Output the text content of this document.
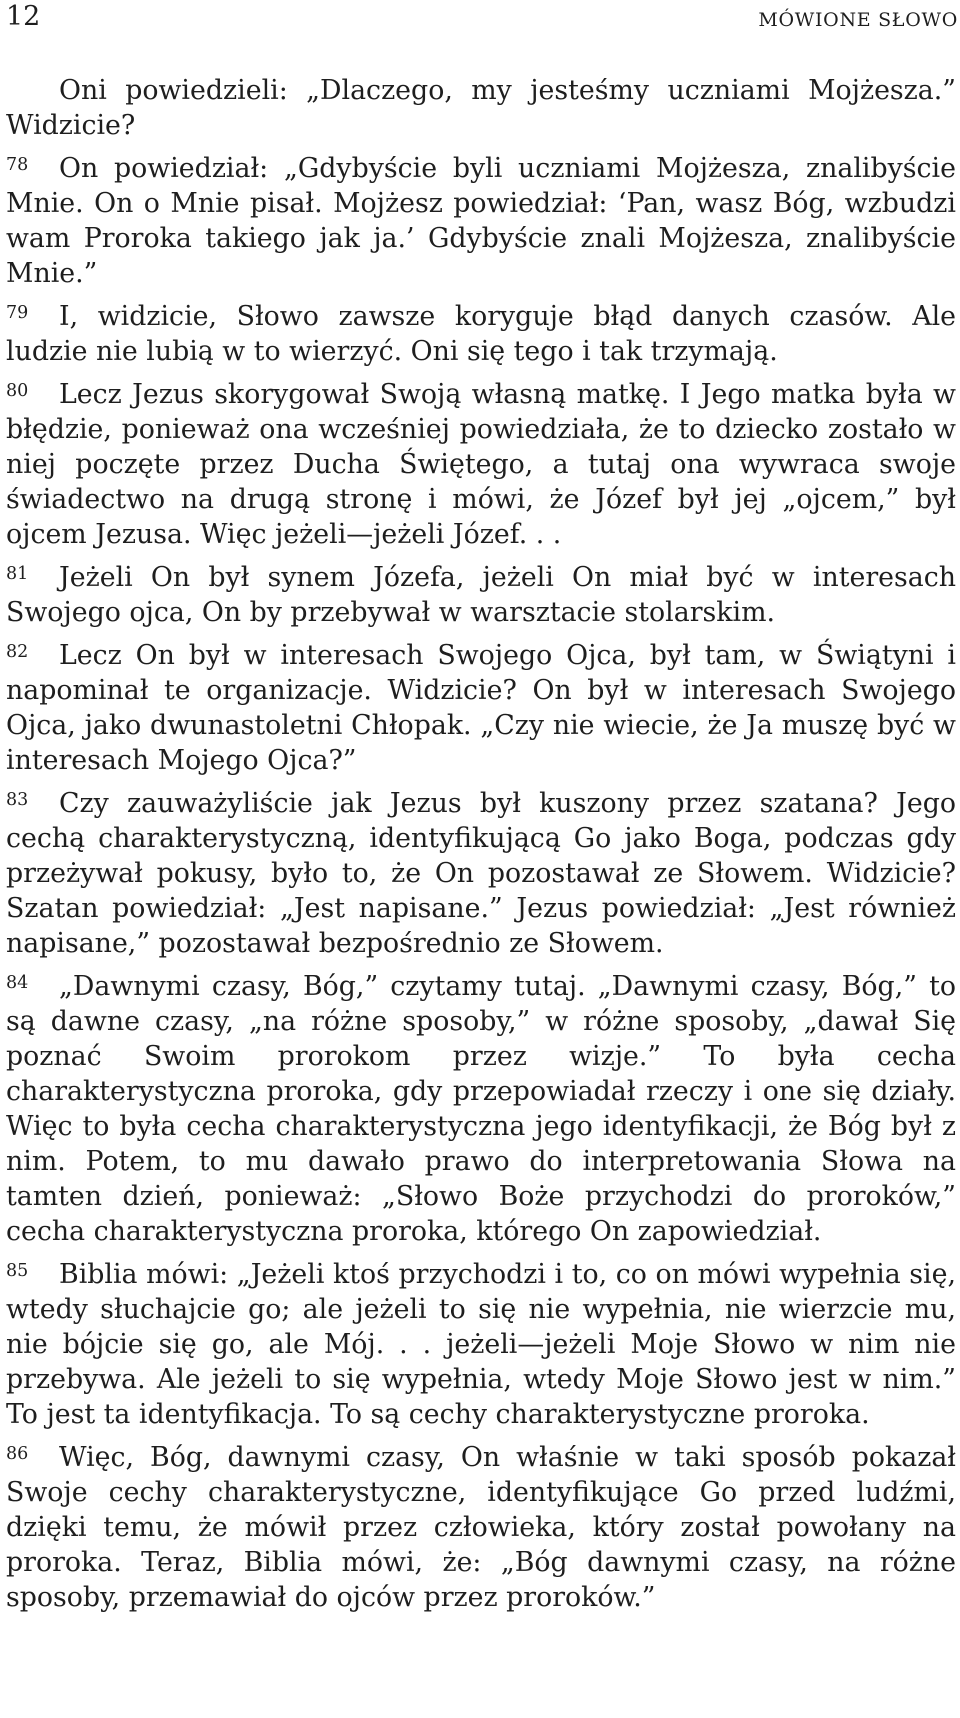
12	MÓWIONE SŁOWO

Oni powiedzieli: „Dlaczego, my jesteśmy uczniami Mojżesza.” Widzicie?

78 On powiedział: „Gdybyście byli uczniami Mojżesza, znalibyście Mnie. On o Mnie pisał. Mojżesz powiedział: ‘Pan, wasz Bóg, wzbudzi wam Proroka takiego jak ja.’ Gdybyście znali Mojżesza, znalibyście Mnie.”

79 I, widzicie, Słowo zawsze koryguje błąd danych czasów. Ale ludzie nie lubią w to wierzyć. Oni się tego i tak trzymają.

80 Lecz Jezus skorygował Swoją własną matkę. I Jego matka była w błędzie, ponieważ ona wcześniej powiedziała, że to dziecko zostało w niej poczęte przez Ducha Świętego, a tutaj ona wywraca swoje świadectwo na drugą stronę i mówi, że Józef był jej „ojcem,” był ojcem Jezusa. Więc jeżeli—jeżeli Józef. . .

81 Jeżeli On był synem Józefa, jeżeli On miał być w interesach Swojego ojca, On by przebywał w warsztacie stolarskim.

82 Lecz On był w interesach Swojego Ojca, był tam, w Świątyni i napominał te organizacje. Widzicie? On był w interesach Swojego Ojca, jako dwunastoletni Chłopak. „Czy nie wiecie, że Ja muszę być w interesach Mojego Ojca?”

83 Czy zauważyliście jak Jezus był kuszony przez szatana? Jego cechą charakterystyczną, identyfikującą Go jako Boga, podczas gdy przeżywał pokusy, było to, że On pozostawał ze Słowem. Widzicie? Szatan powiedział: „Jest napisane.” Jezus powiedział: „Jest również napisane,” pozostawał bezpośrednio ze Słowem.

84 „Dawnymi czasy, Bóg,” czytamy tutaj. „Dawnymi czasy, Bóg,” to są dawne czasy, „na różne sposoby,” w różne sposoby, „dawał Się poznać Swoim prorokom przez wizje.” To była cecha charakterystyczna proroka, gdy przepowiadał rzeczy i one się działy. Więc to była cecha charakterystyczna jego identyfikacji, że Bóg był z nim. Potem, to mu dawało prawo do interpretowania Słowa na tamten dzień, ponieważ: „Słowo Boże przychodzi do proroków,” cecha charakterystyczna proroka, którego On zapowiedział.

85 Biblia mówi: „Jeżeli ktoś przychodzi i to, co on mówi wypełnia się, wtedy słuchajcie go; ale jeżeli to się nie wypełnia, nie wierzcie mu, nie bójcie się go, ale Mój. . . jeżeli—jeżeli Moje Słowo w nim nie przebywa. Ale jeżeli to się wypełnia, wtedy Moje Słowo jest w nim.” To jest ta identyfikacja. To są cechy charakterystyczne proroka.

86 Więc, Bóg, dawnymi czasy, On właśnie w taki sposób pokazał Swoje cechy charakterystyczne, identyfikujące Go przed ludźmi, dzięki temu, że mówił przez człowieka, który został powołany na proroka. Teraz, Biblia mówi, że: „Bóg dawnymi czasy, na różne sposoby, przemawiał do ojców przez proroków.”
